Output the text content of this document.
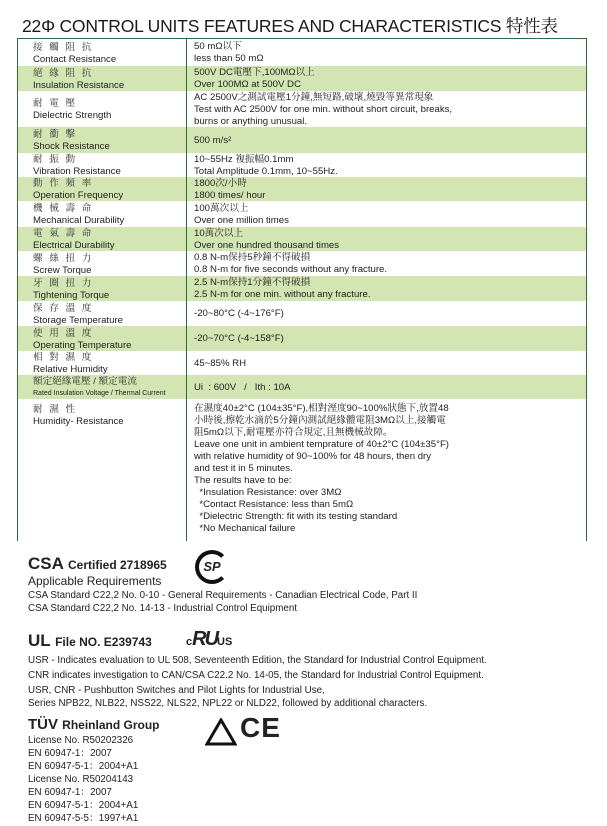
22Φ CONTROL UNITS FEATURES AND CHARACTERISTICS 特性表
接 觸 阻 抗
Contact Resistance
50 mΩ以下
less than 50 mΩ
絕 緣 阻 抗
Insulation Resistance
500V DC電壓下,100MΩ以上
Over 100MΩ at 500V DC
耐 電 壓
Dielectric Strength
AC 2500V之測試電壓1分鐘,無短路,破壞,燒毀等異常現象
Test with AC 2500V for one min. without short circuit, breaks,
burns or anything unusual.
耐 衝 擊
Shock Resistance
500 m/s²
耐 振 動
Vibration Resistance
10~55Hz 複振幅0.1mm
Total Amplitude 0.1mm, 10~55Hz.
動 作 頻 率
Operation Frequency
1800次/小時
1800 times/ hour
機 械 壽 命
Mechanical Durability
100萬次以上
Over one million times
電 氣 壽 命
Electrical Durability
10萬次以上
Over one hundred thousand times
螺 絲 扭 力
Screw Torque
0.8 N-m保持5秒鐘不得破損
0.8 N-m for five seconds without any fracture.
牙 圈 扭 力
Tightening Torque
2.5 N-m保持1分鐘不得破損
2.5 N-m for one min. without any fracture.
保 存 溫 度
Storage Temperature
-20~80°C (-4~176°F)
使 用 溫 度
Operating Temperature
-20~70°C (-4~158°F)
相 對 濕 度
Relative Humidity
45~85% RH
額定絕緣電壓 / 額定電流
Rated Insulation Voltage / Thermal Current
Ui  : 600V   /   Ith : 10A
耐 濕 性
Humidity- Resistance
在濕度40±2°C (104±35°F),相對溼度90~100%狀態下,放置48
小時後,擦乾水滴於5分鐘內測試絕緣體電阻3MΩ以上,接觸電
阻5mΩ以下,耐電壓亦符合規定,且無機械故障。
Leave one unit in ambient temprature of 40±2°C (104±35°F)
with relative humidity of 90~100% for 48 hours, then dry
and test it in 5 minutes.
The results have to be:
*Insulation Resistance: over 3MΩ
*Contact Resistance: less than 5mΩ
*Dielectric Strength: fit with its testing standard
*No Mechanical failure
CSA Certified 2718965
Applicable Requirements
CSA Standard C22,2 No. 0-10 - General Requirements - Canadian Electrical Code, Part II
CSA Standard C22,2 No. 14-13 - Industrial Control Equipment
SP
UL File NO. E239743
USR - Indicates evaluation to UL 508, Seventeenth Edition, the Standard for Industrial Control Equipment.
CNR indicates investigation to CAN/CSA C22.2 No. 14-05, the Standard for Industrial Control Equipment.
USR, CNR - Pushbutton Switches and Pilot Lights for Industrial Use,
Series NPB22, NLB22, NSS22, NLS22, NPL22 or NLD22, followed by additional characters.
cRUUS
TÜV Rheinland Group
License No. R50202326
EN 60947-1：2007
EN 60947-5-1：2004+A1
License No. R50204143
EN 60947-1：2007
EN 60947-5-1：2004+A1
EN 60947-5-5：1997+A1
CE
